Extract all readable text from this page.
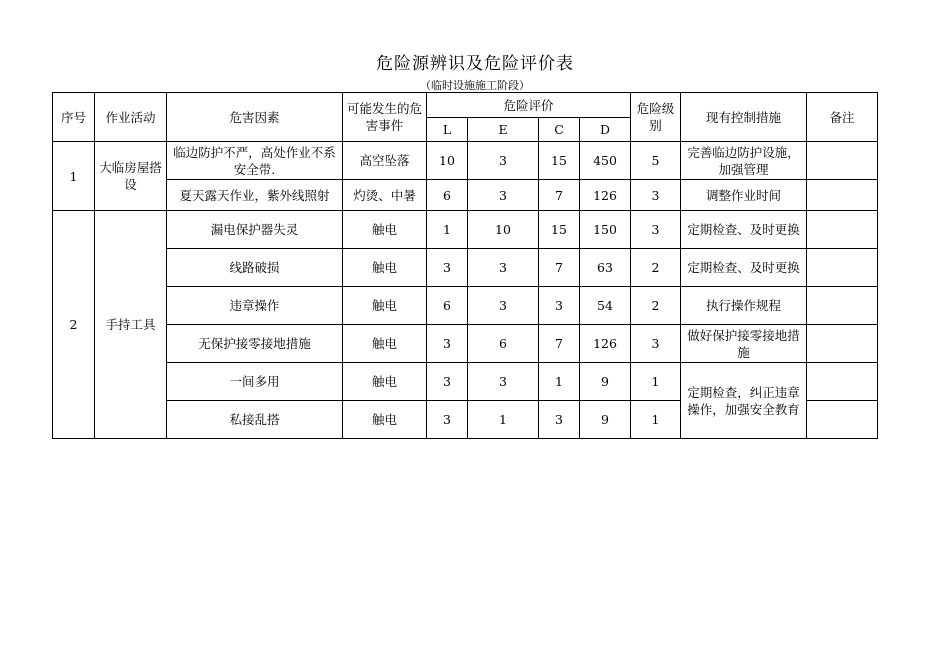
危险源辨识及危险评价表
（临时设施施工阶段）
序号	作业活动	危害因素	可能发生的危害事件	危险评价				危险级别	现有控制措施	备注
				L	E	C	D			
1	大临房屋搭设	临边防护不严，高处作业不系安全带.	高空坠落	10	3	15	450	5	完善临边防护设施，加强管理	
		夏天露天作业，紫外线照射	灼烫、中暑	6	3	7	126	3	调整作业时间	
2	手持工具	漏电保护器失灵	触电	1	10	15	150	3	定期检查、及时更换	
		线路破损	触电	3	3	7	63	2	定期检查、及时更换	
		违章操作	触电	6	3	3	54	2	执行操作规程	
		无保护接零接地措施	触电	3	6	7	126	3	做好保护接零接地措施	
		一间多用	触电	3	3	1	9	1	定期检查，纠正违章操作，加强安全教育	
		私接乱搭	触电	3	1	3	9	1		
